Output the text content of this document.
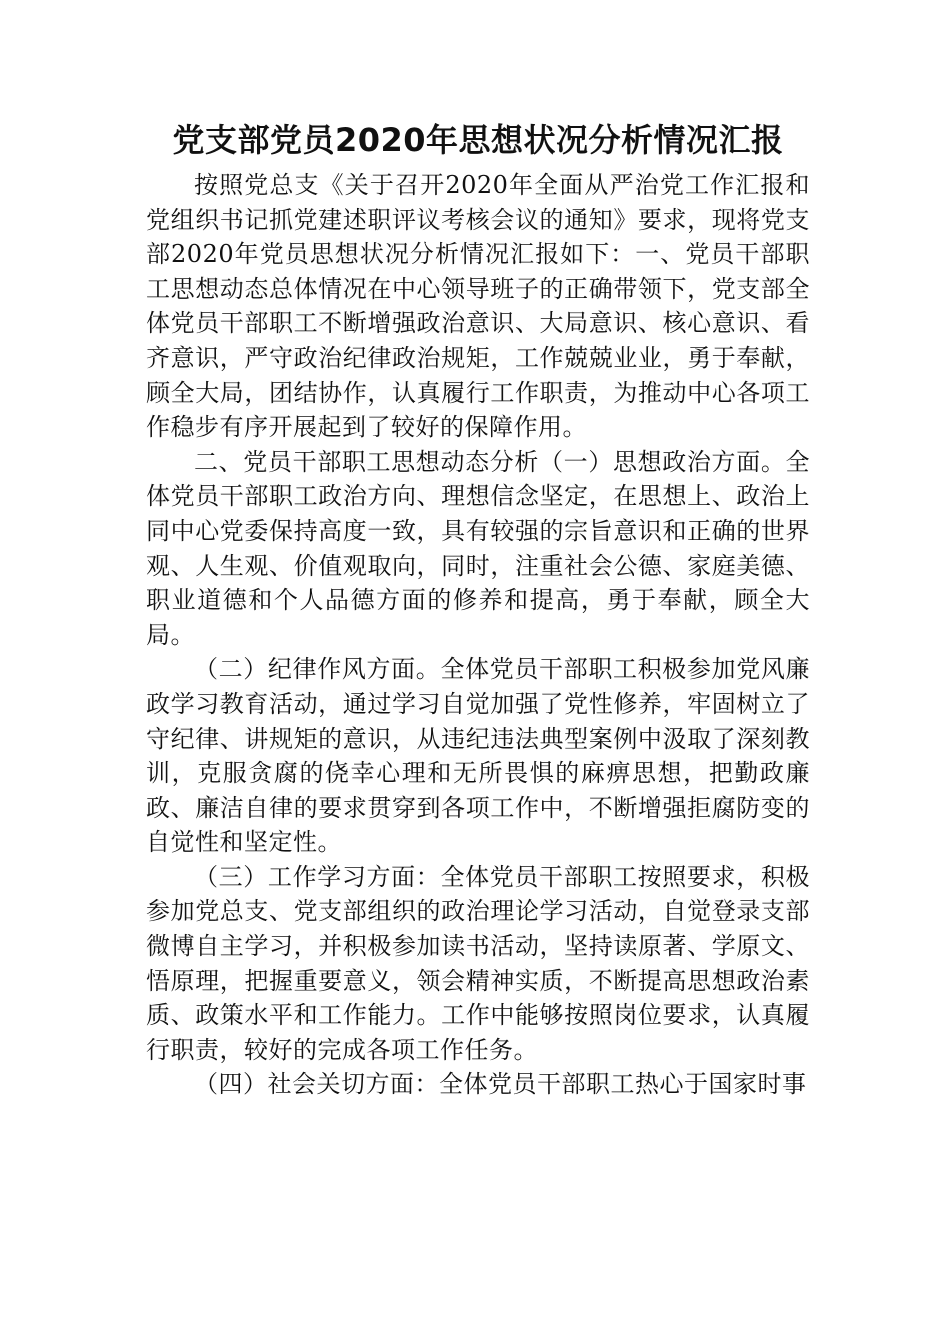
党支部党员2020年思想状况分析情况汇报

按照党总支《关于召开2020年全面从严治党工作汇报和党组织书记抓党建述职评议考核会议的通知》要求，现将党支部2020年党员思想状况分析情况汇报如下：一、党员干部职工思想动态总体情况在中心领导班子的正确带领下，党支部全体党员干部职工不断增强政治意识、大局意识、核心意识、看齐意识，严守政治纪律政治规矩，工作兢兢业业，勇于奉献，顾全大局，团结协作，认真履行工作职责，为推动中心各项工作稳步有序开展起到了较好的保障作用。

二、党员干部职工思想动态分析（一）思想政治方面。全体党员干部职工政治方向、理想信念坚定，在思想上、政治上同中心党委保持高度一致，具有较强的宗旨意识和正确的世界观、人生观、价值观取向，同时，注重社会公德、家庭美德、职业道德和个人品德方面的修养和提高，勇于奉献，顾全大局。

（二）纪律作风方面。全体党员干部职工积极参加党风廉政学习教育活动，通过学习自觉加强了党性修养，牢固树立了守纪律、讲规矩的意识，从违纪违法典型案例中汲取了深刻教训，克服贪腐的侥幸心理和无所畏惧的麻痹思想，把勤政廉政、廉洁自律的要求贯穿到各项工作中，不断增强拒腐防变的自觉性和坚定性。

（三）工作学习方面：全体党员干部职工按照要求，积极参加党总支、党支部组织的政治理论学习活动，自觉登录支部微博自主学习，并积极参加读书活动，坚持读原著、学原文、悟原理，把握重要意义，领会精神实质，不断提高思想政治素质、政策水平和工作能力。工作中能够按照岗位要求，认真履行职责，较好的完成各项工作任务。

（四）社会关切方面：全体党员干部职工热心于国家时事
